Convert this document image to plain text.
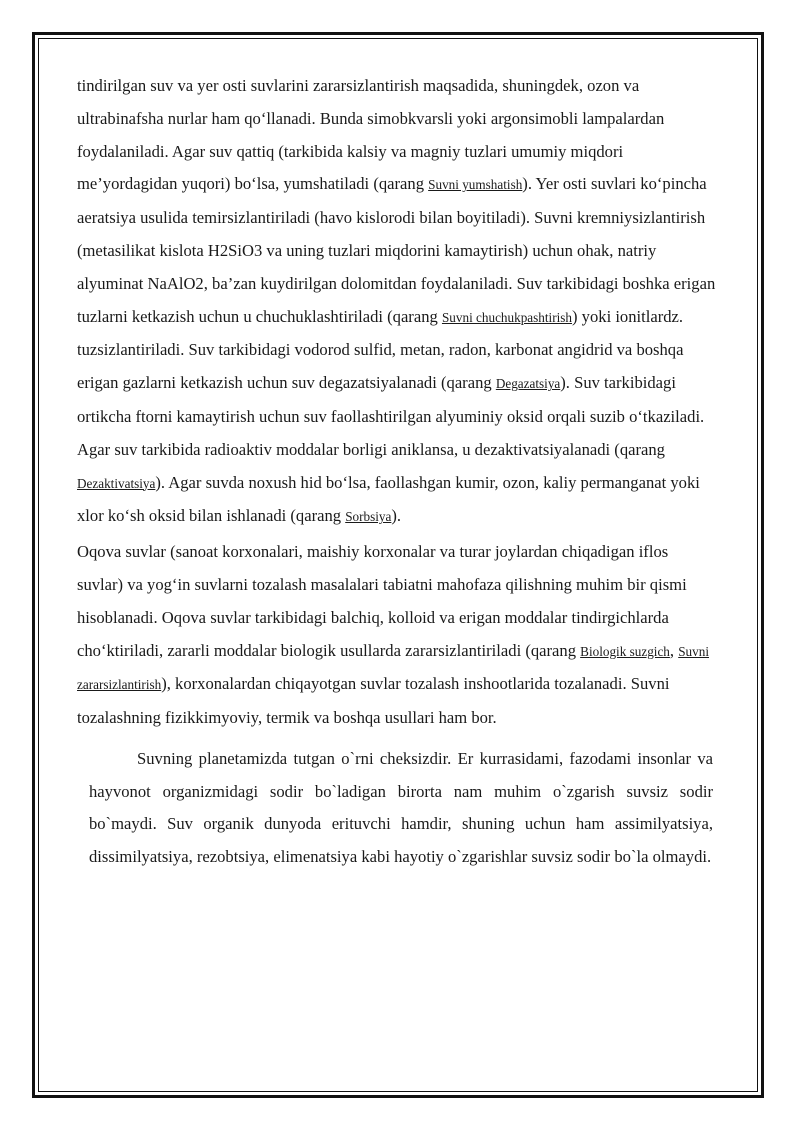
tindirilgan suv va yer osti suvlarini zararsizlantirish maqsadida, shuningdek, ozon va ultrabinafsha nurlar ham qo‘llanadi. Bunda simobkvarsli yoki argonsimobli lampalardan foydalaniladi. Agar suv qattiq (tarkibida kalsiy va magniy tuzlari umumiy miqdori me’yordagidan yuqori) bo‘lsa, yumshatiladi (qarang Suvni yumshatish). Yer osti suvlari ko‘pincha aeratsiya usulida temirsizlantiriladi (havo kislorodi bilan boyitiladi). Suvni kremniysizlantirish (metasilikat kislota H2SiO3 va uning tuzlari miqdorini kamaytirish) uchun ohak, natriy alyuminat NaAlO2, ba’zan kuydirilgan dolomitdan foydalaniladi. Suv tarkibidagi boshka erigan tuzlarni ketkazish uchun u chuchuklashtiriladi (qarang Suvni chuchukpashtirish) yoki ionitlardz. tuzsizlantiriladi. Suv tarkibidagi vodorod sulfid, metan, radon, karbonat angidrid va boshqa erigan gazlarni ketkazish uchun suv degazatsiyalanadi (qarang Degazatsiya). Suv tarkibidagi ortikcha ftorni kamaytirish uchun suv faollashtirilgan alyuminiy oksid orqali suzib o‘tkaziladi. Agar suv tarkibida radioaktiv moddalar borligi aniklansa, u dezaktivatsiyalanadi (qarang Dezaktivatsiya). Agar suvda noxush hid bo‘lsa, faollashgan kumir, ozon, kaliy permanganat yoki xlor ko‘sh oksid bilan ishlanadi (qarang Sorbsiya).

Oqova suvlar (sanoat korxonalari, maishiy korxonalar va turar joylardan chiqadigan iflos suvlar) va yog‘in suvlarni tozalash masalalari tabiatni mahofaza qilishning muhim bir qismi hisoblanadi. Oqova suvlar tarkibidagi balchiq, kolloid va erigan moddalar tindirgichlarda cho‘ktiriladi, zararli moddalar biologik usullarda zararsizlantiriladi (qarang Biologik suzgich, Suvni zararsizlantirish), korxonalardan chiqayotgan suvlar tozalash inshootlarida tozalanadi. Suvni tozalashning fizikkimyoviy, termik va boshqa usullari ham bor.

Suvning planetamizda tutgan o`rni cheksizdir. Er kurrasidami, fazodami insonlar va hayvonot organizmidagi sodir bo`ladigan birorta nam muhim o`zgarish suvsiz sodir bo`maydi. Suv organik dunyoda erituvchi hamdir, shuning uchun ham assimilyatsiya, dissimilyatsiya, rezobtsiya, elimenatsiya kabi hayotiy o`zgarishlar suvsiz sodir bo`la olmaydi.
